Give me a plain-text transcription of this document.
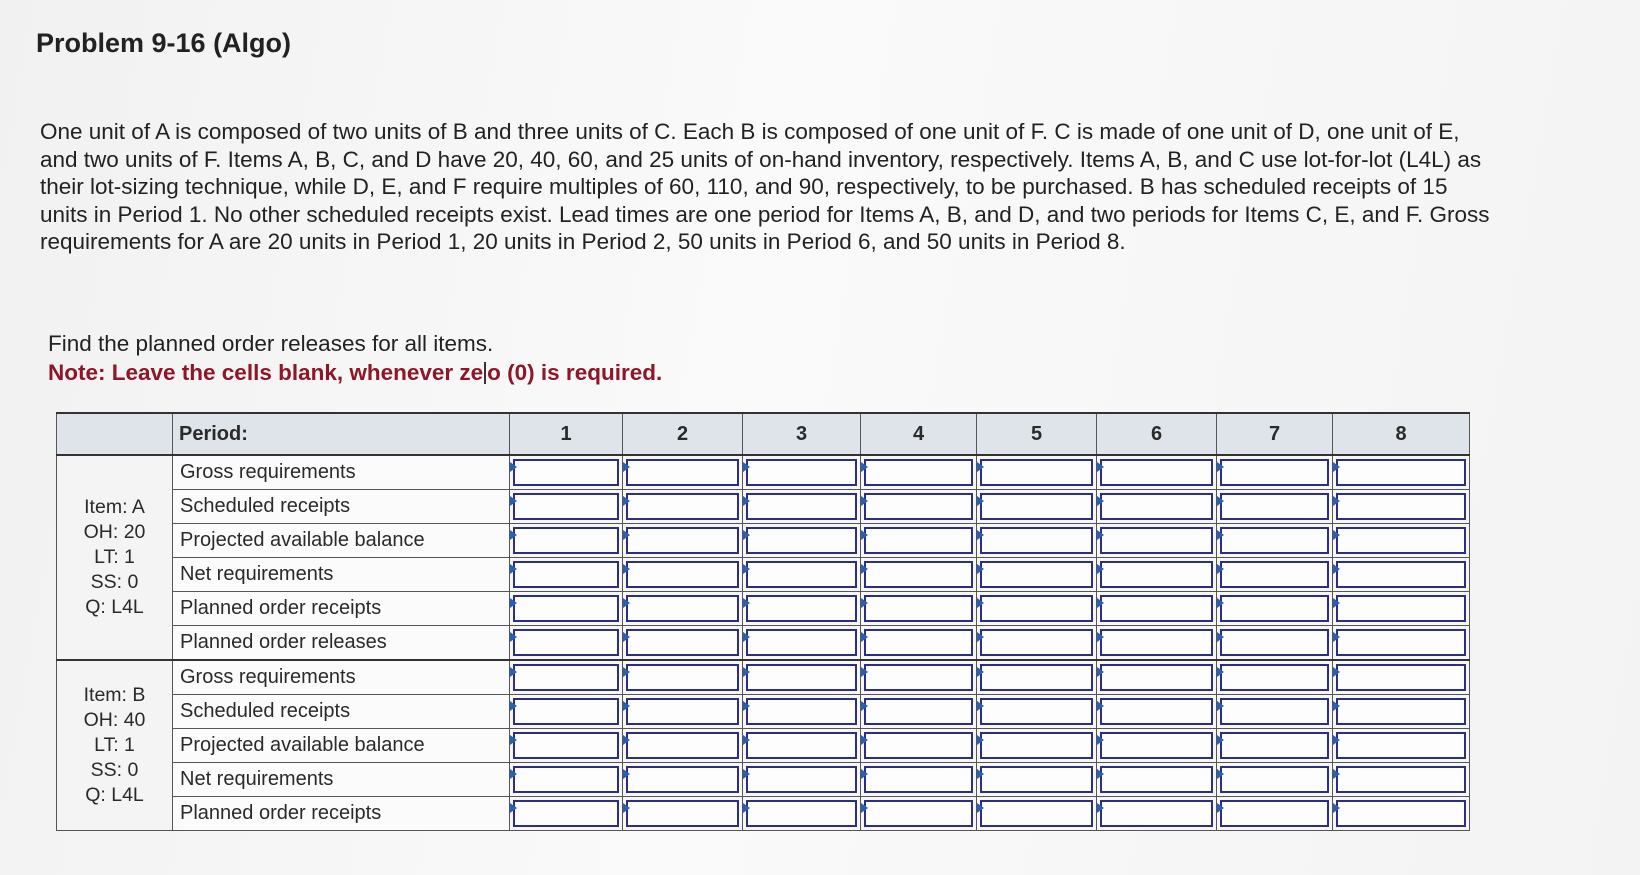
Problem 9-16 (Algo)
One unit of A is composed of two units of B and three units of C. Each B is composed of one unit of F. C is made of one unit of D, one unit of E, and two units of F. Items A, B, C, and D have 20, 40, 60, and 25 units of on-hand inventory, respectively. Items A, B, and C use lot-for-lot (L4L) as their lot-sizing technique, while D, E, and F require multiples of 60, 110, and 90, respectively, to be purchased. B has scheduled receipts of 15 units in Period 1. No other scheduled receipts exist. Lead times are one period for Items A, B, and D, and two periods for Items C, E, and F. Gross requirements for A are 20 units in Period 1, 20 units in Period 2, 50 units in Period 6, and 50 units in Period 8.
Find the planned order releases for all items.
Note: Leave the cells blank, whenever ze o (0) is required.
	Period:	1	2	3	4	5	6	7	8

Item: A
OH: 20
LT: 1
SS: 0
Q: L4L	Gross requirements	

	Scheduled receipts	

	Projected available balance	

	Net requirements	

	Planned order receipts	

	Planned order releases	

Item: B
OH: 40
LT: 1
SS: 0
Q: L4L	Gross requirements	

	Scheduled receipts	

	Projected available balance	

	Net requirements	

	Planned order receipts	
